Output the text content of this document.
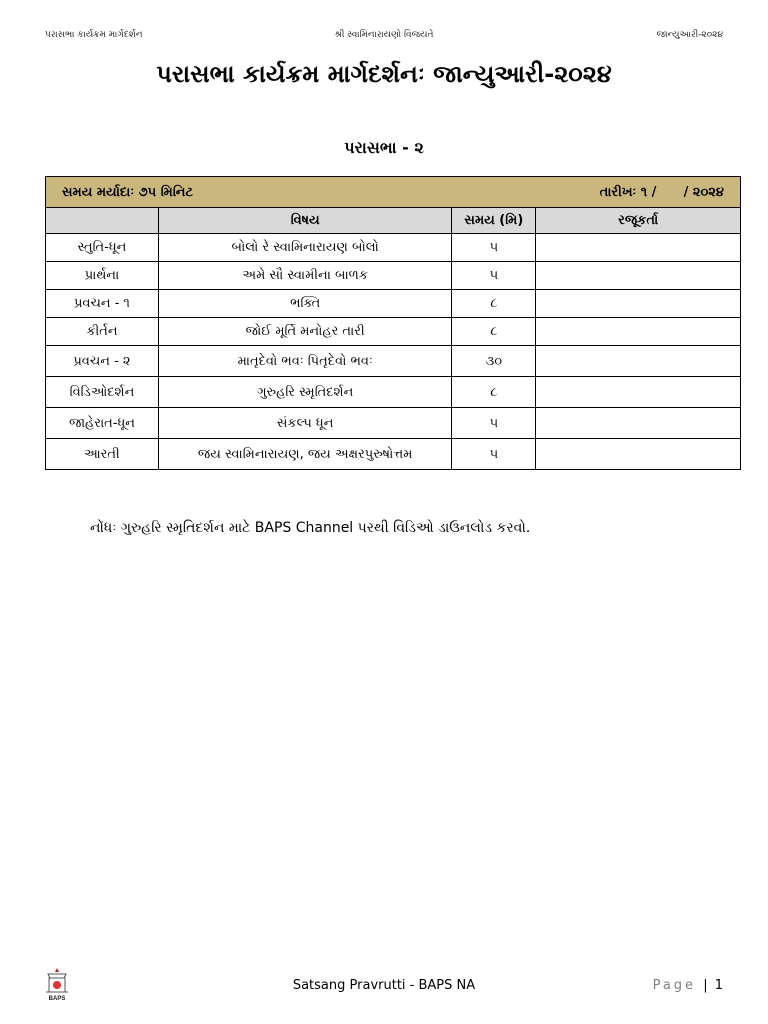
પરાસભા કાર્યક્રમ માર્ગદર્શન	શ્રી સ્વામિનારાયણો વિજયતે	જાન્યુઆરી-૨૦૨૪
પરાસભા કાર્યક્રમ માર્ગદર્શનઃ જાન્યુઆરી-૨૦૨૪
પરાસભા - ૨
સમય મર્યાદાઃ ૭૫ મિનિટ તારીખઃ ૧ /      / ૨૦૨૪			

	વિષય	સમય (મિ)	રજૂકર્તા
સ્તુતિ-ધૂન	બોલો રે સ્વામિનારાયણ બોલો	૫	
પ્રાર્થના	અમે સૌ સ્વામીના બાળક	૫	
પ્રવચન - ૧	ભક્તિ	૮	
કીર્તન	જોઈ મૂર્તિ મનોહર તારી	૮	
પ્રવચન - ૨	માતૃદેવો ભવઃ પિતૃદેવો ભવઃ	૩૦	
વિડિઓદર્શન	ગુરુહરિ સ્મૃતિદર્શન	૮	
જાહેરાત-ધૂન	સંકલ્પ ધૂન	૫	
આરતી	જય સ્વામિનારાયણ, જય અક્ષરપુરુષોત્તમ	૫	
નોંધઃ ગુરુહરિ સ્મૃતિદર્શન માટે BAPS Channel પરથી વિડિઓ ડાઉનલોડ કરવો.
BAPS
Satsang Pravrutti - BAPS NA	Page | 1
